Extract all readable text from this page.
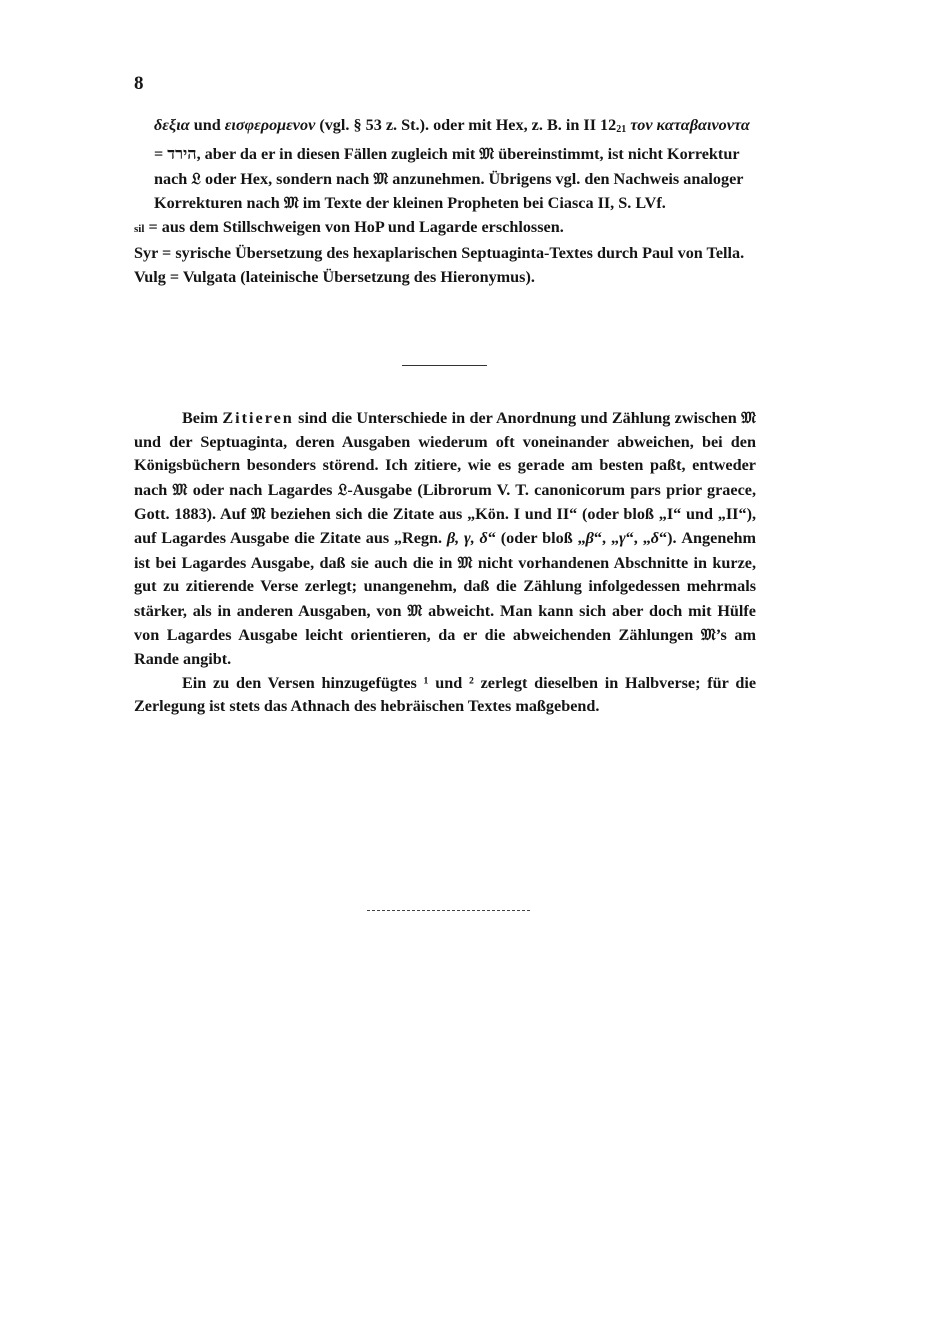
8
δεξια und εισφερομενον (vgl. § 53 z. St.). oder mit Hex, z. B. in II $12_{21}$ τον καταβαινοντα = הירד, aber da er in diesen Fällen zugleich mit 𝔐 übereinstimmt, ist nicht Korrektur nach 𝔏 oder Hex, sondern nach 𝔐 anzunehmen. Übrigens vgl. den Nachweis analoger Korrekturen nach 𝔐 im Texte der kleinen Propheten bei Ciasca II, S. LVf.
sil = aus dem Stillschweigen von HoP und Lagarde erschlossen.
Syr = syrische Übersetzung des hexaplarischen Septuaginta-Textes durch Paul von Tella.
Vulg = Vulgata (lateinische Übersetzung des Hieronymus).

Beim Zitieren sind die Unterschiede in der Anordnung und Zählung zwischen 𝔐 und der Septuaginta, deren Ausgaben wiederum oft voneinander abweichen, bei den Königsbüchern besonders störend. Ich zitiere, wie es gerade am besten paßt, entweder nach 𝔐 oder nach Lagardes 𝔏-Ausgabe (Librorum V. T. canonicorum pars prior graece, Gott. 1883). Auf 𝔐 beziehen sich die Zitate aus „Kön. I und II“ (oder bloß „I“ und „II“), auf Lagardes Ausgabe die Zitate aus „Regn. β, γ, δ“ (oder bloß „β“, „γ“, „δ“). Angenehm ist bei Lagardes Ausgabe, daß sie auch die in 𝔐 nicht vorhandenen Abschnitte in kurze, gut zu zitierende Verse zerlegt; unangenehm, daß die Zählung infolgedessen mehrmals stärker, als in anderen Ausgaben, von 𝔐 abweicht. Man kann sich aber doch mit Hülfe von Lagardes Ausgabe leicht orientieren, da er die abweichenden Zählungen 𝔐’s am Rande angibt.

Ein zu den Versen hinzugefügtes ¹ und ² zerlegt dieselben in Halbverse; für die Zerlegung ist stets das Athnach des hebräischen Textes maßgebend.
